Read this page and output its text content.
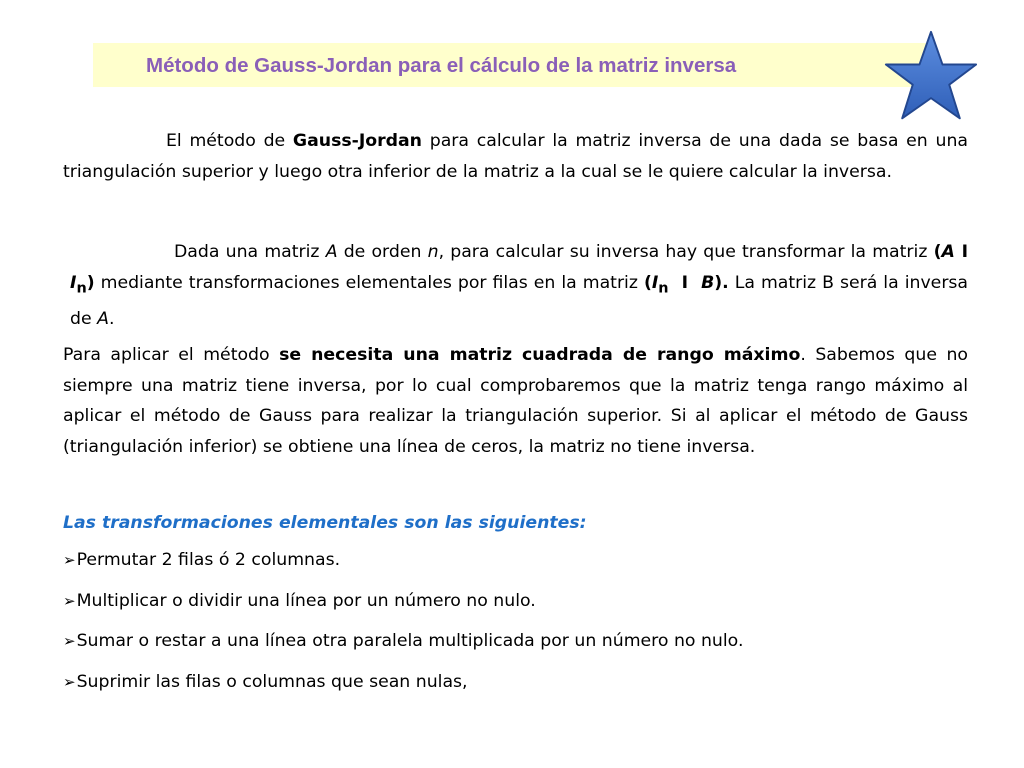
Método de Gauss-Jordan para el cálculo de la matriz inversa
El método de Gauss-Jordan para calcular la matriz inversa de una dada se basa en una triangulación superior y luego otra inferior de la matriz a la cual se le quiere calcular la inversa.
Dada una matriz A de orden n, para calcular su inversa hay que transformar la matriz (A I $I_n$) mediante transformaciones elementales por filas en la matriz ($I_n$  I  B). La matriz B será la inversa de A.
Para aplicar el método se necesita una matriz cuadrada de rango máximo. Sabemos que no siempre una matriz tiene inversa, por lo cual comprobaremos que la matriz tenga rango máximo al aplicar el método de Gauss para realizar la triangulación superior. Si al aplicar el método de Gauss (triangulación inferior) se obtiene una línea de ceros, la matriz no tiene inversa.
Las transformaciones elementales son las siguientes:
➢Permutar 2 filas ó 2 columnas.
➢Multiplicar o dividir una línea por un número no nulo.
➢Sumar o restar a una línea otra paralela multiplicada por un número no nulo.
➢Suprimir las filas o columnas que sean nulas,
